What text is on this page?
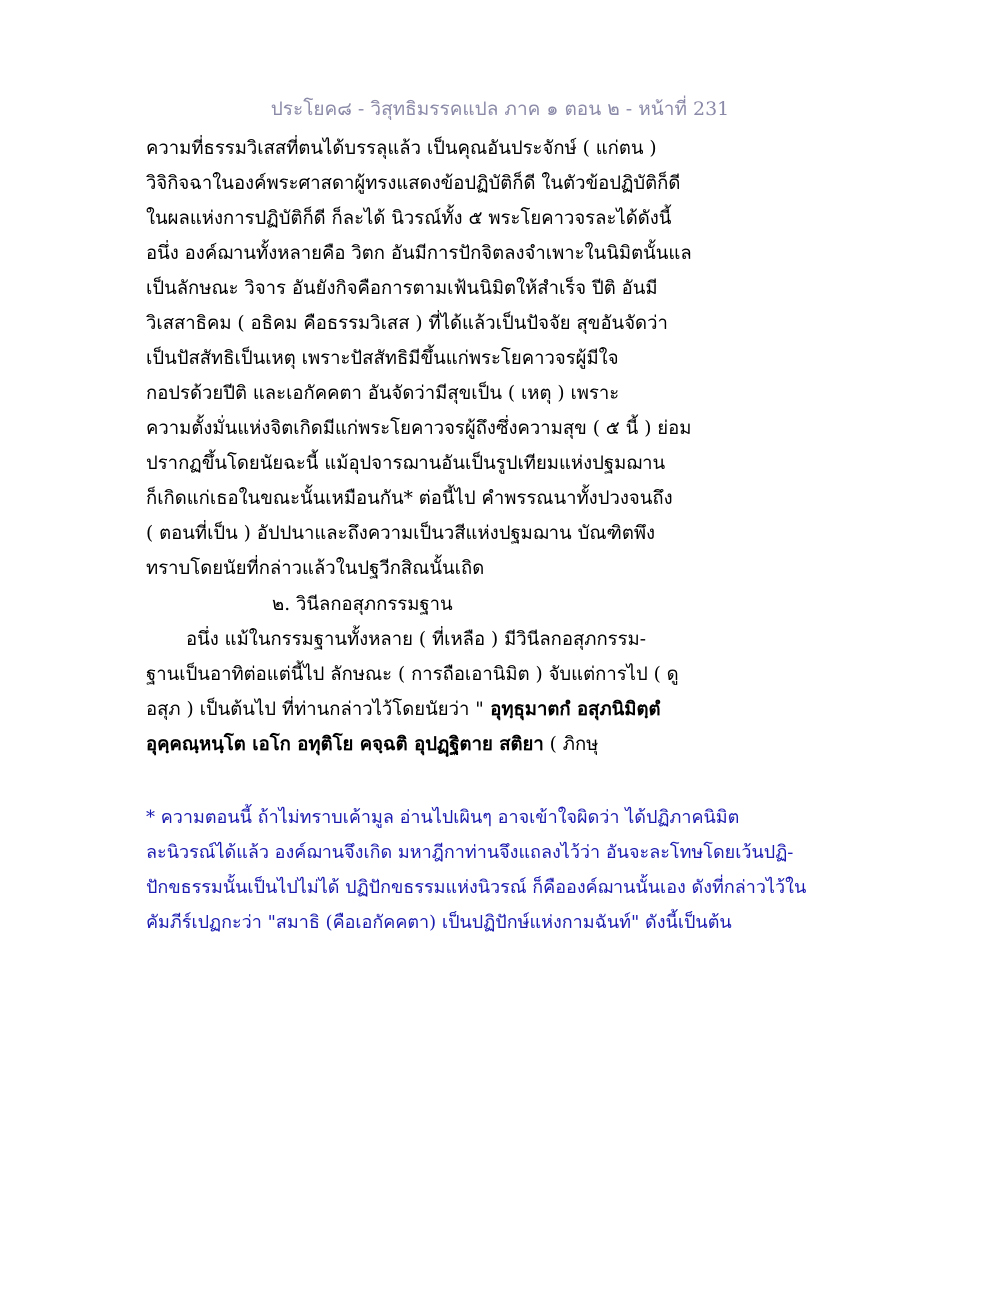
ประโยค๘ - วิสุทธิมรรคแปล ภาค ๑ ตอน ๒ - หน้าที่ 231
ความที่ธรรมวิเสสที่ตนได้บรรลุแล้ว เป็นคุณอันประจักษ์ ( แก่ตน )
วิจิกิจฉาในองค์พระศาสดาผู้ทรงแสดงข้อปฏิบัติก็ดี ในตัวข้อปฏิบัติก็ดี
ในผลแห่งการปฏิบัติก็ดี ก็ละได้ นิวรณ์ทั้ง ๕ พระโยคาวจรละได้ดังนี้
อนึ่ง องค์ฌานทั้งหลายคือ วิตก อันมีการปักจิตลงจำเพาะในนิมิตนั้นแล
เป็นลักษณะ วิจาร อันยังกิจคือการตามเฟ้นนิมิตให้สำเร็จ ปีติ อันมี
วิเสสาธิคม ( อธิคม คือธรรมวิเสส ) ที่ได้แล้วเป็นปัจจัย สุขอันจัดว่า
เป็นปัสสัทธิเป็นเหตุ เพราะปัสสัทธิมีขึ้นแก่พระโยคาวจรผู้มีใจ
กอปรด้วยปีติ และเอกัคคตา อันจัดว่ามีสุขเป็น ( เหตุ ) เพราะ
ความตั้งมั่นแห่งจิตเกิดมีแก่พระโยคาวจรผู้ถึงซึ่งความสุข ( ๕ นี้ ) ย่อม
ปรากฏขึ้นโดยนัยฉะนี้ แม้อุปจารฌานอันเป็นรูปเทียมแห่งปฐมฌาน
ก็เกิดแก่เธอในขณะนั้นเหมือนกัน* ต่อนี้ไป คำพรรณนาทั้งปวงจนถึง
( ตอนที่เป็น ) อัปปนาและถึงความเป็นวสีแห่งปฐมฌาน บัณฑิตพึง
ทราบโดยนัยที่กล่าวแล้วในปฐวีกสิณนั้นเถิด
๒. วินีลกอสุภกรรมฐาน
อนึ่ง แม้ในกรรมฐานทั้งหลาย ( ที่เหลือ ) มีวินีลกอสุภกรรม-
ฐานเป็นอาทิต่อแต่นี้ไป ลักษณะ ( การถือเอานิมิต ) จับแต่การไป ( ดู
อสุภ ) เป็นต้นไป ที่ท่านกล่าวไว้โดยนัยว่า " อุทฺธุมาตกํ อสุภนิมิตฺตํ
อุคฺคณฺหนฺโต เอโก อทุติโย คจฺฉติ อุปฏฺฐิตาย สติยา ( ภิกษุ
* ความตอนนี้ ถ้าไม่ทราบเค้ามูล อ่านไปเผินๆ อาจเข้าใจผิดว่า ได้ปฏิภาคนิมิต
ละนิวรณ์ได้แล้ว องค์ฌานจึงเกิด มหาฎีกาท่านจึงแถลงไว้ว่า อันจะละโทษโดยเว้นปฏิ-
ปักขธรรมนั้นเป็นไปไม่ได้ ปฏิปักขธรรมแห่งนิวรณ์ ก็คือองค์ฌานนั้นเอง ดังที่กล่าวไว้ใน
คัมภีร์เปฏกะว่า "สมาธิ (คือเอกัคคตา) เป็นปฏิปักษ์แห่งกามฉันท์" ดังนี้เป็นต้น
